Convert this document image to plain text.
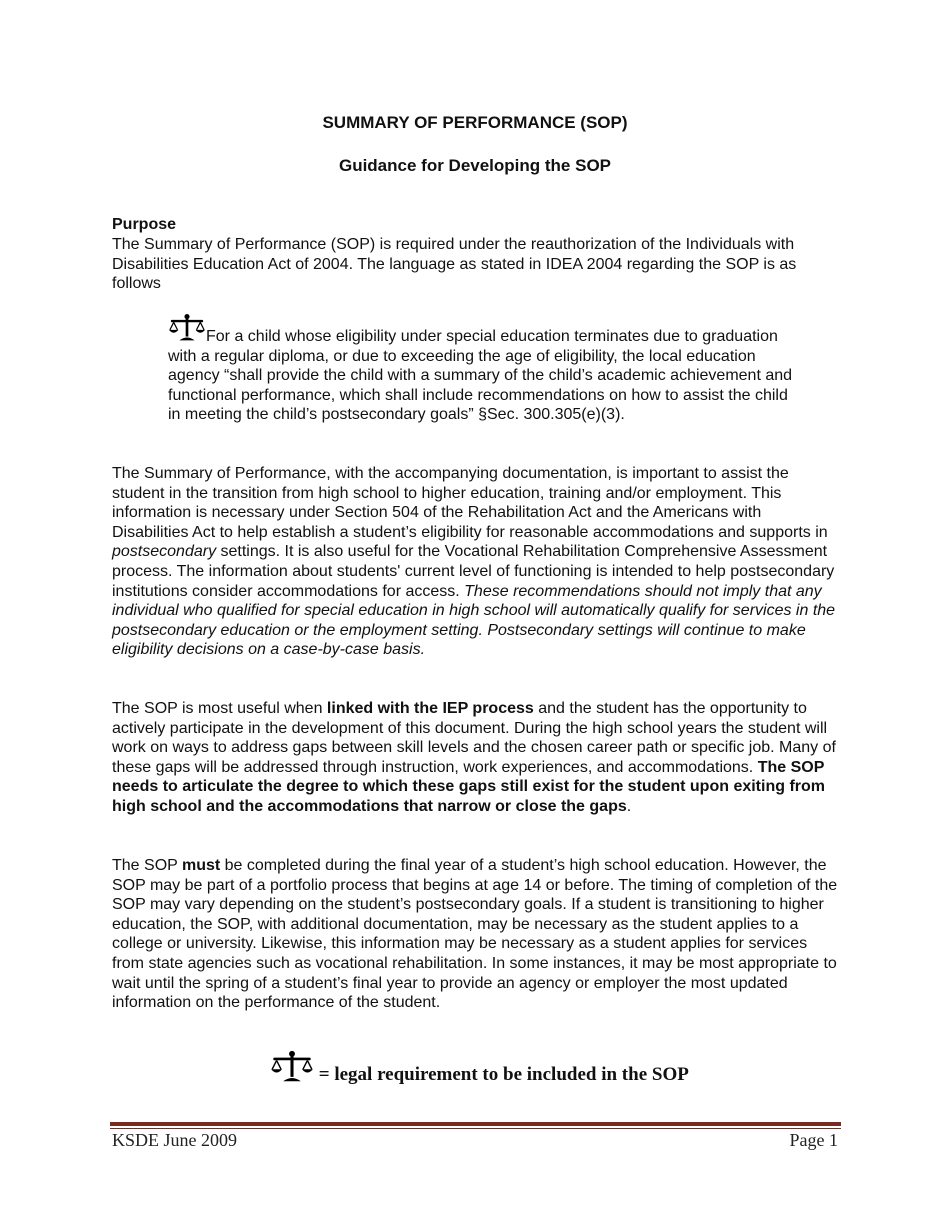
SUMMARY OF PERFORMANCE (SOP)
Guidance for Developing the SOP
Purpose
The Summary of Performance (SOP) is required under the reauthorization of the Individuals with Disabilities Education Act of 2004. The language as stated in IDEA 2004 regarding the SOP is as follows
For a child whose eligibility under special education terminates due to graduation with a regular diploma, or due to exceeding the age of eligibility, the local education agency “shall provide the child with a summary of the child’s academic achievement and functional performance, which shall include recommendations on how to assist the child in meeting the child’s postsecondary goals” §Sec. 300.305(e)(3).
The Summary of Performance, with the accompanying documentation, is important to assist the student in the transition from high school to higher education, training and/or employment. This information is necessary under Section 504 of the Rehabilitation Act and the Americans with Disabilities Act to help establish a student’s eligibility for reasonable accommodations and supports in postsecondary settings. It is also useful for the Vocational Rehabilitation Comprehensive Assessment process. The information about students' current level of functioning is intended to help postsecondary institutions consider accommodations for access. These recommendations should not imply that any individual who qualified for special education in high school will automatically qualify for services in the postsecondary education or the employment setting. Postsecondary settings will continue to make eligibility decisions on a case-by-case basis.
The SOP is most useful when linked with the IEP process and the student has the opportunity to actively participate in the development of this document. During the high school years the student will work on ways to address gaps between skill levels and the chosen career path or specific job. Many of these gaps will be addressed through instruction, work experiences, and accommodations. The SOP needs to articulate the degree to which these gaps still exist for the student upon exiting from high school and the accommodations that narrow or close the gaps.
The SOP must be completed during the final year of a student’s high school education. However, the SOP may be part of a portfolio process that begins at age 14 or before. The timing of completion of the SOP may vary depending on the student’s postsecondary goals. If a student is transitioning to higher education, the SOP, with additional documentation, may be necessary as the student applies to a college or university. Likewise, this information may be necessary as a student applies for services from state agencies such as vocational rehabilitation. In some instances, it may be most appropriate to wait until the spring of a student’s final year to provide an agency or employer the most updated information on the performance of the student.
= legal requirement to be included in the SOP
KSDE June 2009	Page 1
